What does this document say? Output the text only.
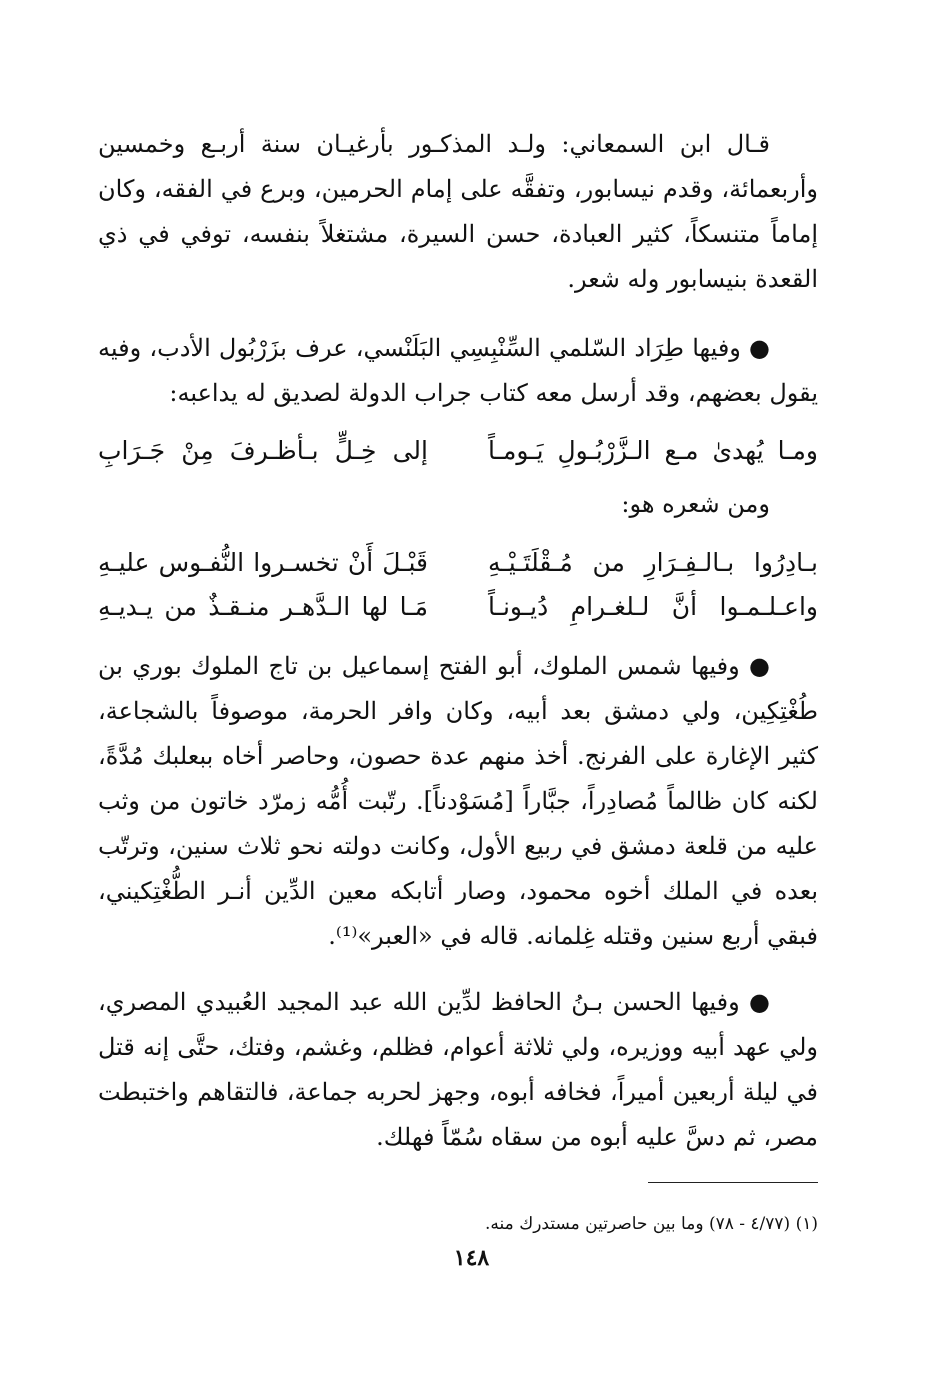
قـال ابن السمعاني: ولـد المذكـور بأرغيـان سنة أربـع وخمسين وأربعمائة، وقدم نيسابور، وتفقَّه على إمام الحرمين، وبرع في الفقه، وكان إماماً متنسكاً، كثير العبادة، حسن السيرة، مشتغلاً بنفسه، توفي في ذي القعدة بنيسابور وله شعر.

● وفيها طِرَاد السّلمي السِّنْبِسِي البَلَنْسي، عرف بزَرْبُول الأدب، وفيه يقول بعضهم، وقد أرسل معه كتاب جراب الدولة لصديق له يداعبه:

ومـا يُهدىٰ مـع الـزَّرْبُـولِ يَـومـاً
إلى خِـلٍّ بـأظـرفَ مِنْ جَـرَابِ

ومن شعره هو:

بـادِرُوا بـالـفِـرَارِ من مُـقْلَتَـيْـهِ
قَبْـلَ أَنْ تخسـروا النُّفـوس عليـهِ
واعـلـمـوا أنَّ لـلغـرامِ دُيـونـاً
مَـا لها الـدَّهـر منـقـذٌ من يـديـهِ

● وفيها شمس الملوك، أبو الفتح إسماعيل بن تاج الملوك بوري بن طُغْتِكِين، ولي دمشق بعد أبيه، وكان وافر الحرمة، موصوفاً بالشجاعة، كثير الإغارة على الفرنج. أخذ منهم عدة حصون، وحاصر أخاه ببعلبك مُدَّةً، لكنه كان ظالماً مُصادِراً، جبَّاراً [مُسَوْدناً]. رتّبت أُمُّه زمرّد خاتون من وثب عليه من قلعة دمشق في ربيع الأول، وكانت دولته نحو ثلاث سنين، وترتّب بعده في الملك أخوه محمود، وصار أتابكه معين الدِّين أنـر الطُّغْتِكيني، فبقي أربع سنين وقتله غِلمانه. قاله في «العبر»⁽¹⁾.

● وفيها الحسن بـنُ الحافظ لدِّين الله عبد المجيد العُبيدي المصري، ولي عهد أبيه ووزيره، ولي ثلاثة أعوام، فظلم، وغشم، وفتك، حتَّى إنه قتل في ليلة أربعين أميراً، فخافه أبوه، وجهز لحربه جماعة، فالتقاهم واختبطت مصر، ثم دسَّ عليه أبوه من سقاه سُمّاً فهلك.

(١) (٤/٧٧ - ٧٨) وما بين حاصرتين مستدرك منه.

١٤٨
